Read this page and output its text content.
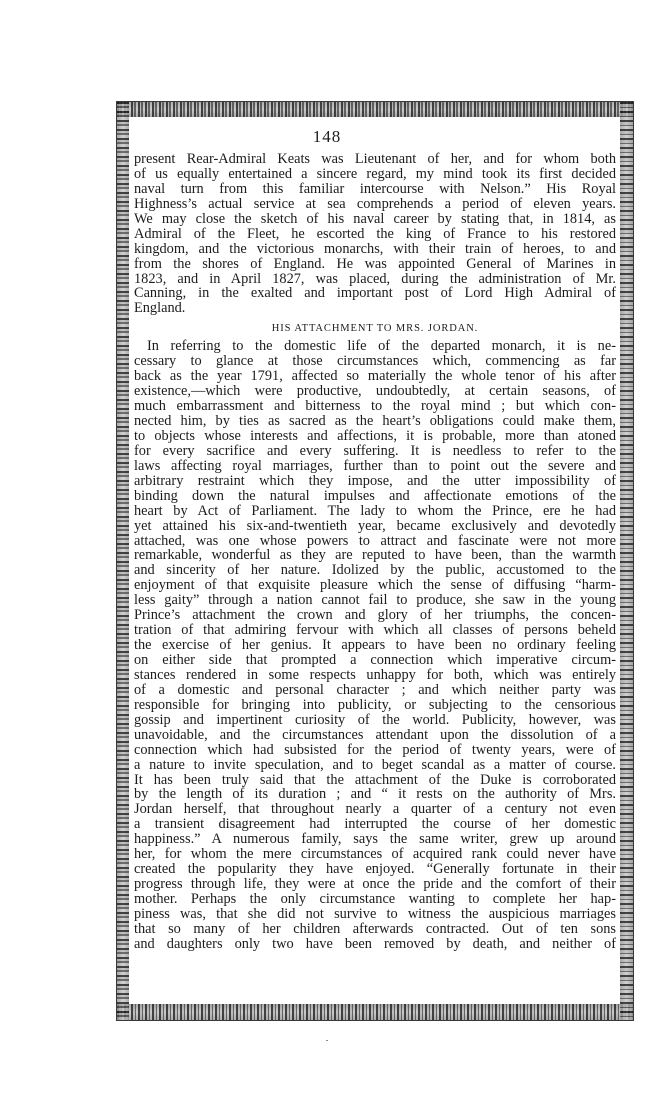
148
present Rear-Admiral Keats was Lieutenant of her, and for whom both
of us equally entertained a sincere regard, my mind took its first decided
naval turn from this familiar intercourse with Nelson.” His Royal
Highness’s actual service at sea comprehends a period of eleven years.
We may close the sketch of his naval career by stating that, in 1814, as
Admiral of the Fleet, he escorted the king of France to his restored
kingdom, and the victorious monarchs, with their train of heroes, to and
from the shores of England. He was appointed General of Marines in
1823, and in April 1827, was placed, during the administration of Mr.
Canning, in the exalted and important post of Lord High Admiral of
England.
HIS ATTACHMENT TO MRS. JORDAN.
In referring to the domestic life of the departed monarch, it is ne-
cessary to glance at those circumstances which, commencing as far
back as the year 1791, affected so materially the whole tenor of his after
existence,—which were productive, undoubtedly, at certain seasons, of
much embarrassment and bitterness to the royal mind ; but which con-
nected him, by ties as sacred as the heart’s obligations could make them,
to objects whose interests and affections, it is probable, more than atoned
for every sacrifice and every suffering. It is needless to refer to the
laws affecting royal marriages, further than to point out the severe and
arbitrary restraint which they impose, and the utter impossibility of
binding down the natural impulses and affectionate emotions of the
heart by Act of Parliament. The lady to whom the Prince, ere he had
yet attained his six-and-twentieth year, became exclusively and devotedly
attached, was one whose powers to attract and fascinate were not more
remarkable, wonderful as they are reputed to have been, than the warmth
and sincerity of her nature. Idolized by the public, accustomed to the
enjoyment of that exquisite pleasure which the sense of diffusing “harm-
less gaity” through a nation cannot fail to produce, she saw in the young
Prince’s attachment the crown and glory of her triumphs, the concen-
tration of that admiring fervour with which all classes of persons beheld
the exercise of her genius. It appears to have been no ordinary feeling
on either side that prompted a connection which imperative circum-
stances rendered in some respects unhappy for both, which was entirely
of a domestic and personal character ; and which neither party was
responsible for bringing into publicity, or subjecting to the censorious
gossip and impertinent curiosity of the world. Publicity, however, was
unavoidable, and the circumstances attendant upon the dissolution of a
connection which had subsisted for the period of twenty years, were of
a nature to invite speculation, and to beget scandal as a matter of course.
It has been truly said that the attachment of the Duke is corroborated
by the length of its duration ; and “ it rests on the authority of Mrs.
Jordan herself, that throughout nearly a quarter of a century not even
a transient disagreement had interrupted the course of her domestic
happiness.” A numerous family, says the same writer, grew up around
her, for whom the mere circumstances of acquired rank could never have
created the popularity they have enjoyed. “Generally fortunate in their
progress through life, they were at once the pride and the comfort of their
mother. Perhaps the only circumstance wanting to complete her hap-
piness was, that she did not survive to witness the auspicious marriages
that so many of her children afterwards contracted. Out of ten sons
and daughters only two have been removed by death, and neither of
